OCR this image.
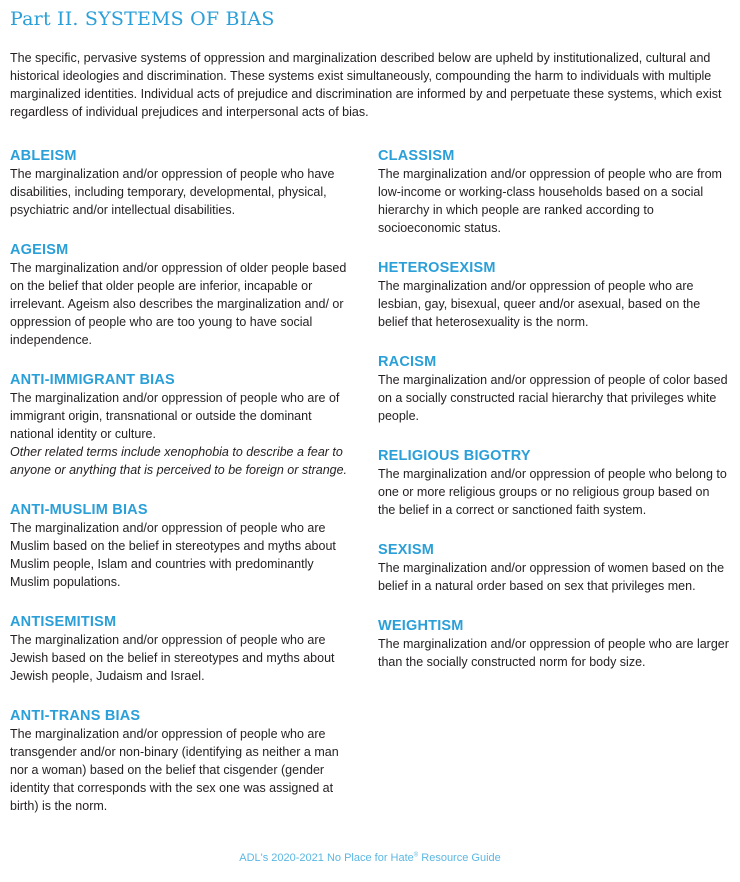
Part II. SYSTEMS OF BIAS

The specific, pervasive systems of oppression and marginalization described below are upheld by institutionalized, cultural and historical ideologies and discrimination. These systems exist simultaneously, compounding the harm to individuals with multiple marginalized identities. Individual acts of prejudice and discrimination are informed by and perpetuate these systems, which exist regardless of individual prejudices and interpersonal acts of bias.

ABLEISM

The marginalization and/or oppression of people who have disabilities, including temporary, developmental, physical, psychiatric and/or intellectual disabilities.

AGEISM

The marginalization and/or oppression of older people based on the belief that older people are inferior, incapable or irrelevant. Ageism also describes the marginalization and/ or oppression of people who are too young to have social independence.

ANTI-IMMIGRANT BIAS

The marginalization and/or oppression of people who are of immigrant origin, transnational or outside the dominant national identity or culture.

Other related terms include xenophobia to describe a fear to anyone or anything that is perceived to be foreign or strange.

ANTI-MUSLIM BIAS

The marginalization and/or oppression of people who are Muslim based on the belief in stereotypes and myths about Muslim people, Islam and countries with predominantly Muslim populations.

ANTISEMITISM

The marginalization and/or oppression of people who are Jewish based on the belief in stereotypes and myths about Jewish people, Judaism and Israel.

ANTI-TRANS BIAS

The marginalization and/or oppression of people who are transgender and/or non-binary (identifying as neither a man nor a woman) based on the belief that cisgender (gender identity that corresponds with the sex one was assigned at birth) is the norm.

CLASSISM

The marginalization and/or oppression of people who are from low-income or working-class households based on a social hierarchy in which people are ranked according to socioeconomic status.

HETEROSEXISM

The marginalization and/or oppression of people who are lesbian, gay, bisexual, queer and/or asexual, based on the belief that heterosexuality is the norm.

RACISM

The marginalization and/or oppression of people of color based on a socially constructed racial hierarchy that privileges white people.

RELIGIOUS BIGOTRY

The marginalization and/or oppression of people who belong to one or more religious groups or no religious group based on the belief in a correct or sanctioned faith system.

SEXISM

The marginalization and/or oppression of women based on the belief in a natural order based on sex that privileges men.

WEIGHTISM

The marginalization and/or oppression of people who are larger than the socially constructed norm for body size.

ADL's 2020-2021 No Place for Hate® Resource Guide
